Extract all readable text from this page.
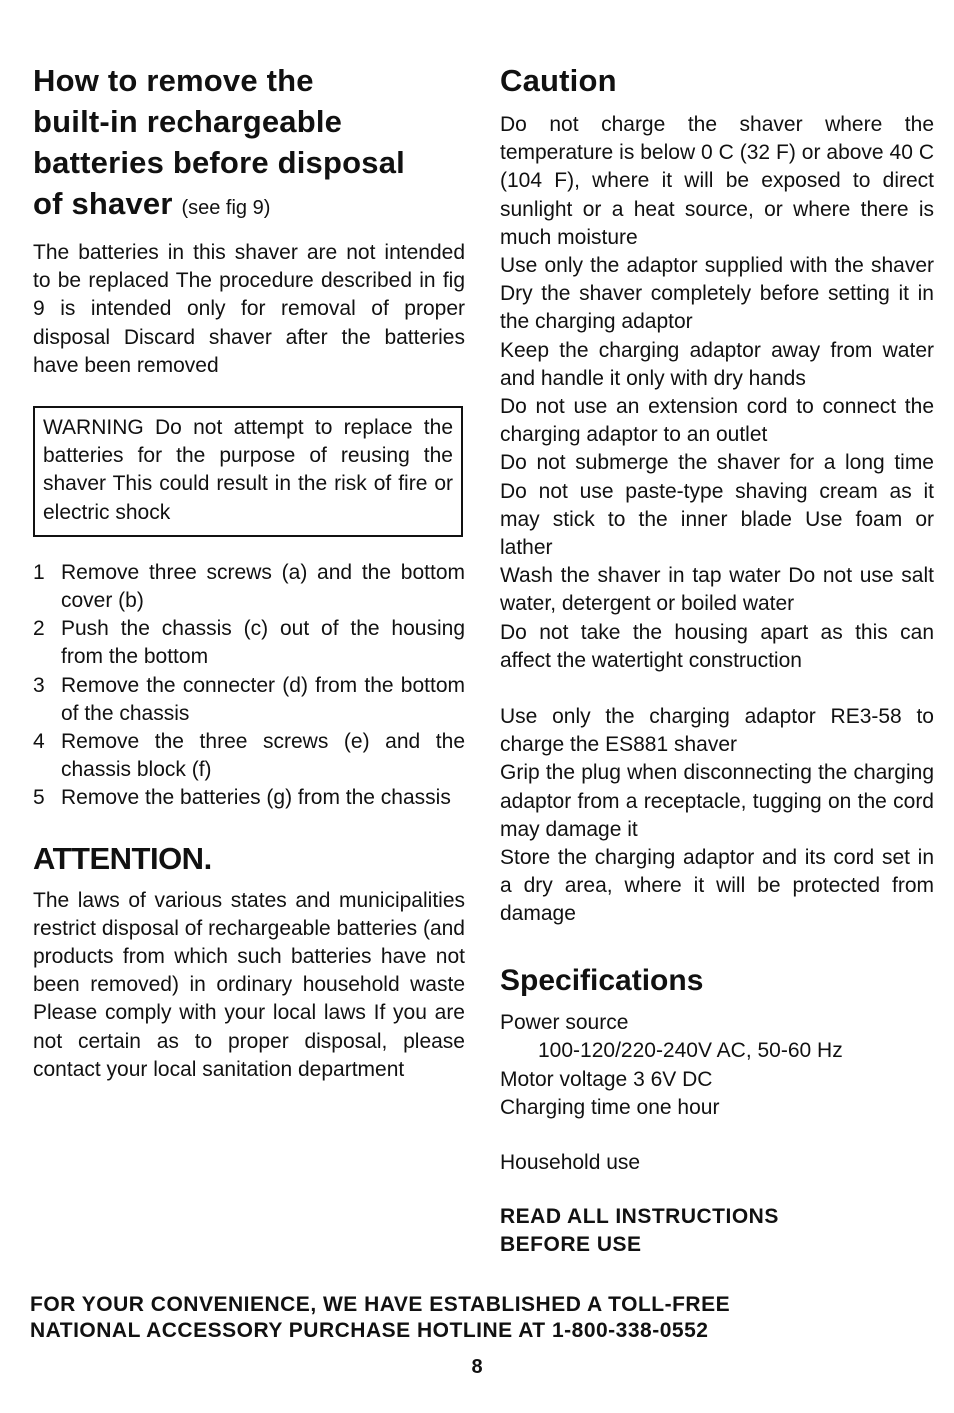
How to remove the
built-in rechargeable
batteries before disposal
of shaver (see fig 9)

The batteries in this shaver are not intended to be replaced The procedure described in fig 9 is intended only for removal of proper disposal Discard shaver after the batteries have been removed

WARNING Do not attempt to replace the batteries for the purpose of reusing the shaver This could result in the risk of fire or electric shock
1 Remove three screws (a) and the bottom cover (b)
2 Push the chassis (c) out of the housing from the bottom
3 Remove the connecter (d) from the bottom of the chassis
4 Remove the three screws (e) and the chassis block (f)
5 Remove the batteries (g) from the chassis
ATTENTION.

The laws of various states and municipalities restrict disposal of rechargeable batteries (and products from which such batteries have not been removed) in ordinary household waste Please comply with your local laws If you are not certain as to proper disposal, please contact your local sanitation department

Caution

Do not charge the shaver where the temperature is below 0 C (32 F) or above 40 C (104 F), where it will be exposed to direct sunlight or a heat source, or where there is much moisture

Use only the adaptor supplied with the shaver Dry the shaver completely before setting it in the charging adaptor

Keep the charging adaptor away from water and handle it only with dry hands

Do not use an extension cord to connect the charging adaptor to an outlet

Do not submerge the shaver for a long time Do not use paste-type shaving cream as it may stick to the inner blade Use foam or lather

Wash the shaver in tap water Do not use salt water, detergent or boiled water

Do not take the housing apart as this can affect the watertight construction

Use only the charging adaptor RE3-58 to charge the ES881 shaver

Grip the plug when disconnecting the charging adaptor from a receptacle, tugging on the cord may damage it

Store the charging adaptor and its cord set in a dry area, where it will be protected from damage

Specifications
Power source
100-120/220-240V AC, 50-60 Hz
Motor voltage 3 6V DC
Charging time one hour
Household use
READ ALL INSTRUCTIONS
BEFORE USE
FOR YOUR CONVENIENCE, WE HAVE ESTABLISHED A TOLL-FREE
NATIONAL ACCESSORY PURCHASE HOTLINE AT 1-800-338-0552
8
